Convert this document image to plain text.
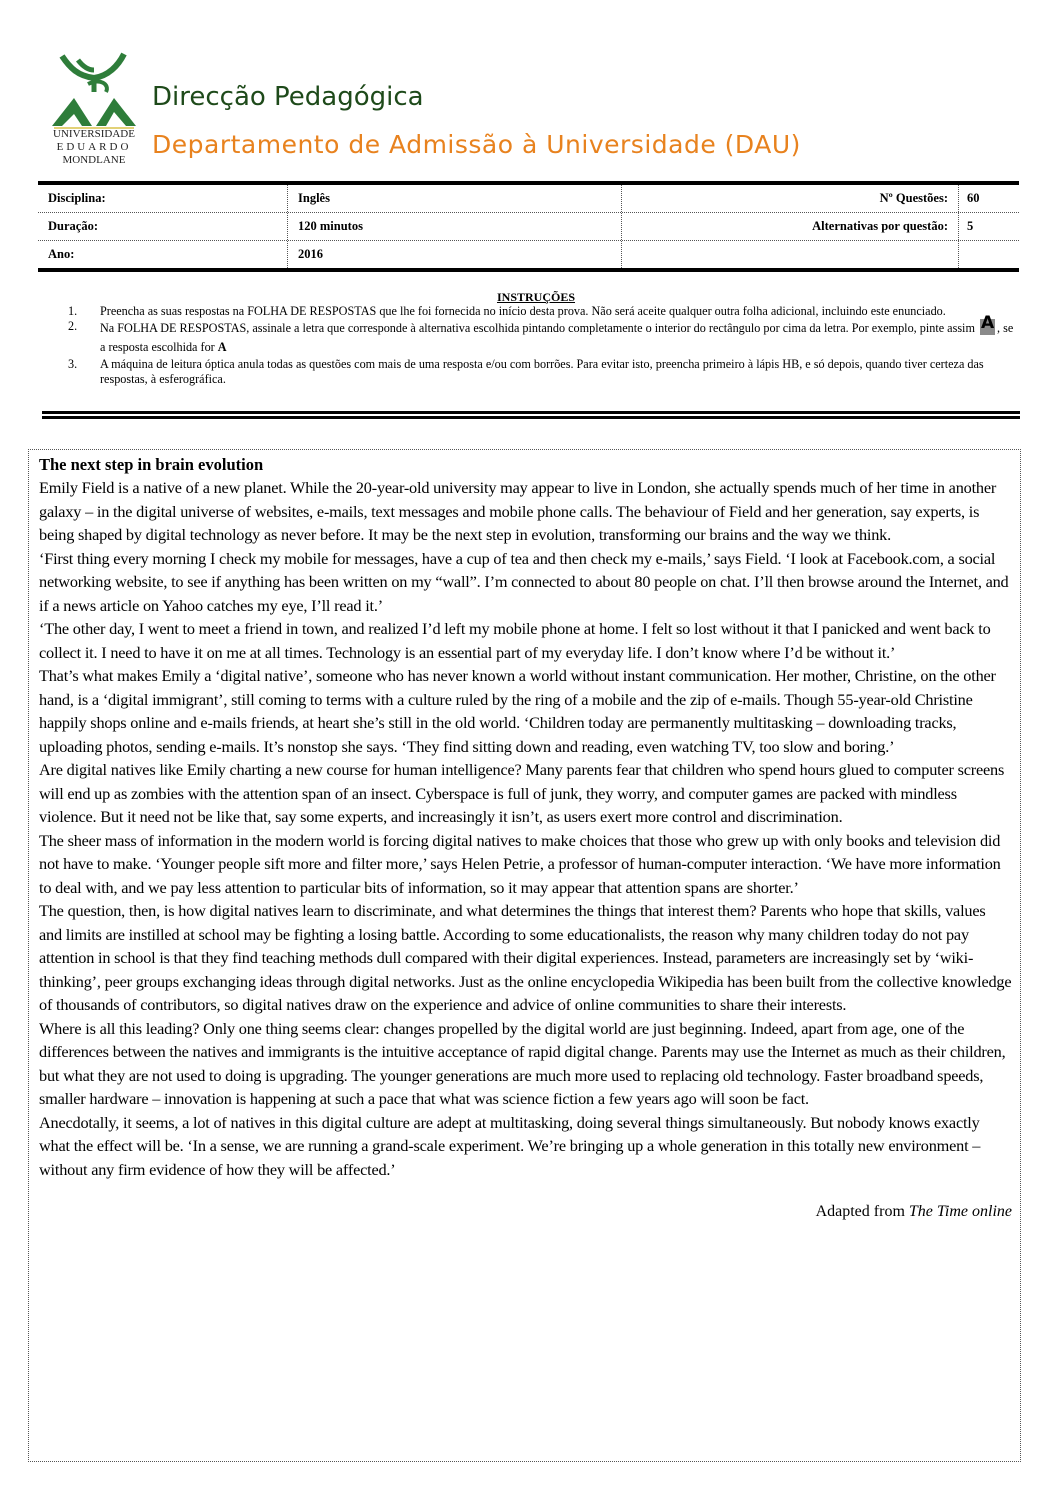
UNIVERSIDADE
EDUARDO
MONDLANE
Direcção Pedagógica
Departamento de Admissão à Universidade (DAU)
Disciplina:	Inglês	Nº Questões:	60
Duração:	120 minutos	Alternativas por questão:	5
Ano:	2016
INSTRUÇÕES
1.	Preencha as suas respostas na FOLHA DE RESPOSTAS que lhe foi fornecida no início desta prova. Não será aceite qualquer outra folha adicional, incluindo este enunciado.
2.	Na FOLHA DE RESPOSTAS, assinale a letra que corresponde à alternativa escolhida pintando completamente o interior do rectângulo por cima da letra. Por exemplo, pinte assim A , se a resposta escolhida for A
3.	A máquina de leitura óptica anula todas as questões com mais de uma resposta e/ou com borrões. Para evitar isto, preencha primeiro à lápis HB, e só depois, quando tiver certeza das respostas, à esferográfica.
The next step in brain evolution

Emily Field is a native of a new planet. While the 20-year-old university may appear to live in London, she actually spends much of her time in another galaxy – in the digital universe of websites, e-mails, text messages and mobile phone calls. The behaviour of Field and her generation, say experts, is being shaped by digital technology as never before. It may be the next step in evolution, transforming our brains and the way we think.

‘First thing every morning I check my mobile for messages, have a cup of tea and then check my e-mails,’ says Field. ‘I look at Facebook.com, a social networking website, to see if anything has been written on my “wall”. I’m connected to about 80 people on chat. I’ll then browse around the Internet, and if a news article on Yahoo catches my eye, I’ll read it.’

‘The other day, I went to meet a friend in town, and realized I’d left my mobile phone at home. I felt so lost without it that I panicked and went back to collect it. I need to have it on me at all times. Technology is an essential part of my everyday life. I don’t know where I’d be without it.’

That’s what makes Emily a ‘digital native’, someone who has never known a world without instant communication. Her mother, Christine, on the other hand, is a ‘digital immigrant’, still coming to terms with a culture ruled by the ring of a mobile and the zip of e-mails. Though 55-year-old Christine happily shops online and e-mails friends, at heart she’s still in the old world. ‘Children today are permanently multitasking – downloading tracks, uploading photos, sending e-mails. It’s nonstop she says. ‘They find sitting down and reading, even watching TV, too slow and boring.’

Are digital natives like Emily charting a new course for human intelligence? Many parents fear that children who spend hours glued to computer screens will end up as zombies with the attention span of an insect. Cyberspace is full of junk, they worry, and computer games are packed with mindless violence. But it need not be like that, say some experts, and increasingly it isn’t, as users exert more control and discrimination.

The sheer mass of information in the modern world is forcing digital natives to make choices that those who grew up with only books and television did not have to make. ‘Younger people sift more and filter more,’ says Helen Petrie, a professor of human-computer interaction. ‘We have more information to deal with, and we pay less attention to particular bits of information, so it may appear that attention spans are shorter.’

The question, then, is how digital natives learn to discriminate, and what determines the things that interest them? Parents who hope that skills, values and limits are instilled at school may be fighting a losing battle. According to some educationalists, the reason why many children today do not pay attention in school is that they find teaching methods dull compared with their digital experiences. Instead, parameters are increasingly set by ‘wiki-thinking’, peer groups exchanging ideas through digital networks. Just as the online encyclopedia Wikipedia has been built from the collective knowledge of thousands of contributors, so digital natives draw on the experience and advice of online communities to share their interests.

Where is all this leading? Only one thing seems clear: changes propelled by the digital world are just beginning. Indeed, apart from age, one of the differences between the natives and immigrants is the intuitive acceptance of rapid digital change. Parents may use the Internet as much as their children, but what they are not used to doing is upgrading. The younger generations are much more used to replacing old technology. Faster broadband speeds, smaller hardware – innovation is happening at such a pace that what was science fiction a few years ago will soon be fact.

Anecdotally, it seems, a lot of natives in this digital culture are adept at multitasking, doing several things simultaneously. But nobody knows exactly what the effect will be. ‘In a sense, we are running a grand-scale experiment. We’re bringing up a whole generation in this totally new environment – without any firm evidence of how they will be affected.’

Adapted from The Time online
